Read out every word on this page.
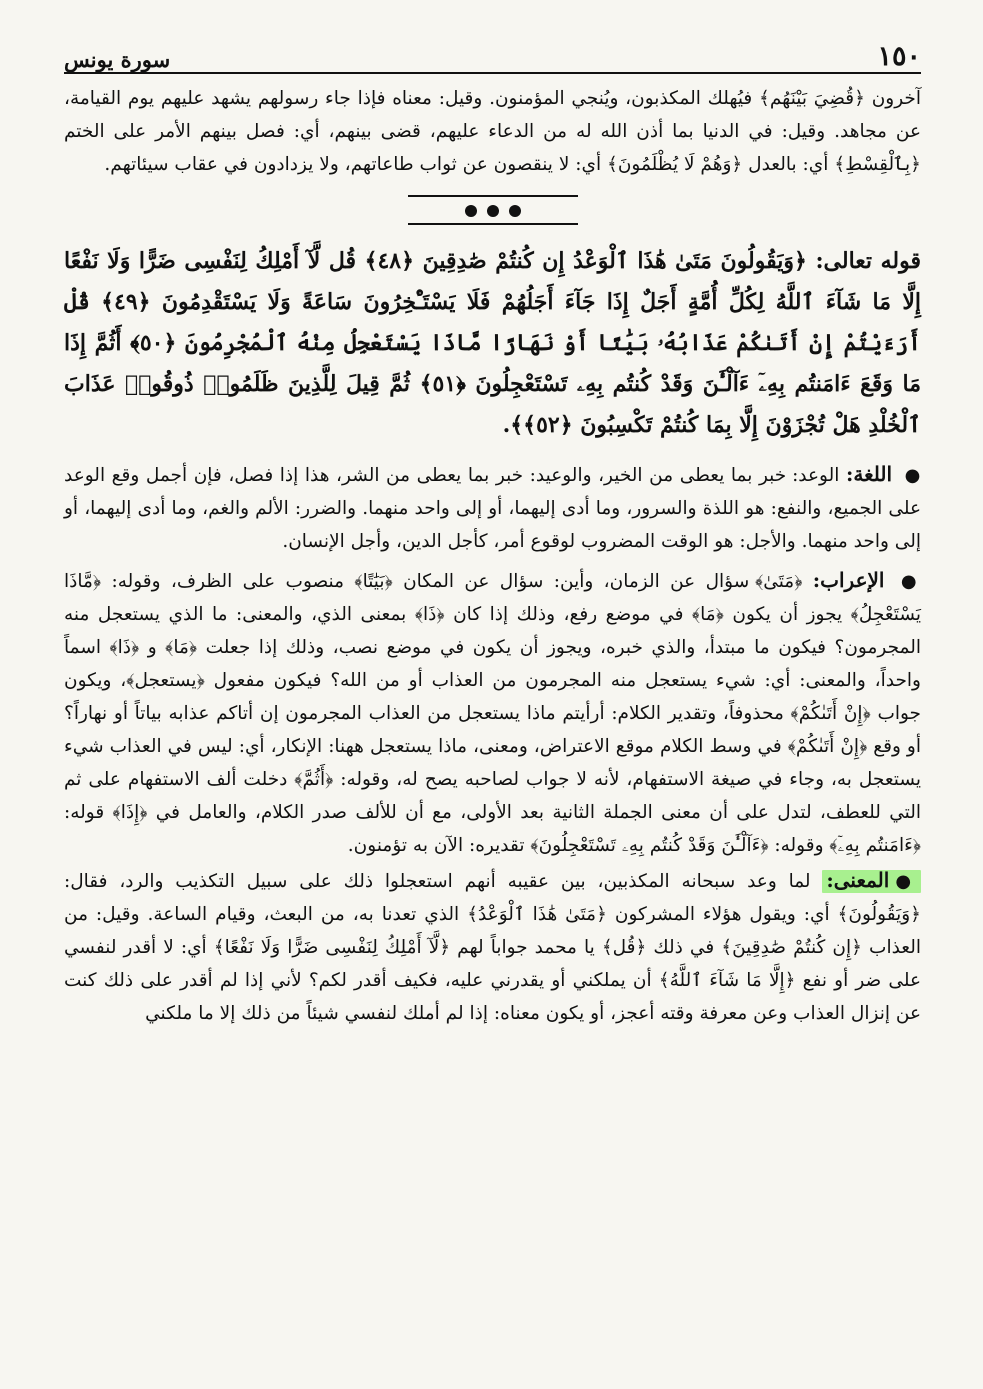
١٥٠
سورة يونس

آخرون ﴿قُضِيَ بَيْنَهُم﴾ فيُهلك المكذبون، ويُنجي المؤمنون. وقيل: معناه فإذا جاء رسولهم يشهد عليهم يوم القيامة، عن مجاهد. وقيل: في الدنيا بما أذن الله له من الدعاء عليهم، قضى بينهم، أي: فصل بينهم الأمر على الختم ﴿بِٱلْقِسْطِ﴾ أي: بالعدل ﴿وَهُمْ لَا يُظْلَمُونَ﴾ أي: لا ينقصون عن ثواب طاعاتهم، ولا يزدادون في عقاب سيئاتهم.

قوله تعالى: ﴿وَيَقُولُونَ مَتَىٰ هَٰذَا ٱلْوَعْدُ إِن كُنتُمْ صَٰدِقِينَ ﴿٤٨﴾ قُل لَّآ أَمْلِكُ لِنَفْسِى ضَرًّا وَلَا نَفْعًا إِلَّا مَا شَآءَ ٱللَّهُ لِكُلِّ أُمَّةٍ أَجَلٌ إِذَا جَآءَ أَجَلُهُمْ فَلَا يَسْتَـْٔخِرُونَ سَاعَةً وَلَا يَسْتَقْدِمُونَ ﴿٤٩﴾ قُلْ أَرَءَيْتُمْ إِنْ أَتَىٰكُمْ عَذَابُهُۥ بَيَٰتًا أَوْ نَهَارًا مَّاذَا يَسْتَعْجِلُ مِنْهُ ٱلْمُجْرِمُونَ ﴿٥٠﴾ أَثُمَّ إِذَا مَا وَقَعَ ءَامَنتُم بِهِۦٓ ءَآلْـَٰٔنَ وَقَدْ كُنتُم بِهِۦ تَسْتَعْجِلُونَ ﴿٥١﴾ ثُمَّ قِيلَ لِلَّذِينَ ظَلَمُوا۟ ذُوقُوا۟ عَذَابَ ٱلْخُلْدِ هَلْ تُجْزَوْنَ إِلَّا بِمَا كُنتُمْ تَكْسِبُونَ ﴿٥٢﴾﴾.

● اللغة: الوعد: خبر بما يعطى من الخير، والوعيد: خبر بما يعطى من الشر، هذا إذا فصل، فإن أجمل وقع الوعد على الجميع، والنفع: هو اللذة والسرور، وما أدى إليهما، أو إلى واحد منهما. والضرر: الألم والغم، وما أدى إليهما، أو إلى واحد منهما. والأجل: هو الوقت المضروب لوقوع أمر، كأجل الدين، وأجل الإنسان.

● الإعراب: ﴿مَتَىٰ﴾ سؤال عن الزمان، وأين: سؤال عن المكان ﴿بَيَٰتًا﴾ منصوب على الظرف، وقوله: ﴿مَّاذَا يَسْتَعْجِلُ﴾ يجوز أن يكون ﴿مَا﴾ في موضع رفع، وذلك إذا كان ﴿ذَا﴾ بمعنى الذي، والمعنى: ما الذي يستعجل منه المجرمون؟ فيكون ما مبتدأ، والذي خبره، ويجوز أن يكون في موضع نصب، وذلك إذا جعلت ﴿مَا﴾ و ﴿ذَا﴾ اسماً واحداً، والمعنى: أي: شيء يستعجل منه المجرمون من العذاب أو من الله؟ فيكون مفعول ﴿يستعجل﴾، ويكون جواب ﴿إِنْ أَتَىٰكُمْ﴾ محذوفاً، وتقدير الكلام: أرأيتم ماذا يستعجل من العذاب المجرمون إن أتاكم عذابه بياتاً أو نهاراً؟ أو وقع ﴿إِنْ أَتَىٰكُمْ﴾ في وسط الكلام موقع الاعتراض، ومعنى، ماذا يستعجل ههنا: الإنكار، أي: ليس في العذاب شيء يستعجل به، وجاء في صيغة الاستفهام، لأنه لا جواب لصاحبه يصح له، وقوله: ﴿أَثُمَّ﴾ دخلت ألف الاستفهام على ثم التي للعطف، لتدل على أن معنى الجملة الثانية بعد الأولى، مع أن للألف صدر الكلام، والعامل في ﴿إِذَا﴾ قوله: ﴿ءَامَنتُم بِهِۦٓ﴾ وقوله: ﴿ءَآلْـَٰٔنَ وَقَدْ كُنتُم بِهِۦ تَسْتَعْجِلُونَ﴾ تقديره: الآن به تؤمنون.

●المعنى: لما وعد سبحانه المكذبين، بين عقيبه أنهم استعجلوا ذلك على سبيل التكذيب والرد، فقال: ﴿وَيَقُولُونَ﴾ أي: ويقول هؤلاء المشركون ﴿مَتَىٰ هَٰذَا ٱلْوَعْدُ﴾ الذي تعدنا به، من البعث، وقيام الساعة. وقيل: من العذاب ﴿إِن كُنتُمْ صَٰدِقِينَ﴾ في ذلك ﴿قُل﴾ يا محمد جواباً لهم ﴿لَّآ أَمْلِكُ لِنَفْسِى ضَرًّا وَلَا نَفْعًا﴾ أي: لا أقدر لنفسي على ضر أو نفع ﴿إِلَّا مَا شَآءَ ٱللَّهُ﴾ أن يملكني أو يقدرني عليه، فكيف أقدر لكم؟ لأني إذا لم أقدر على ذلك كنت عن إنزال العذاب وعن معرفة وقته أعجز، أو يكون معناه: إذا لم أملك لنفسي شيئاً من ذلك إلا ما ملكني
